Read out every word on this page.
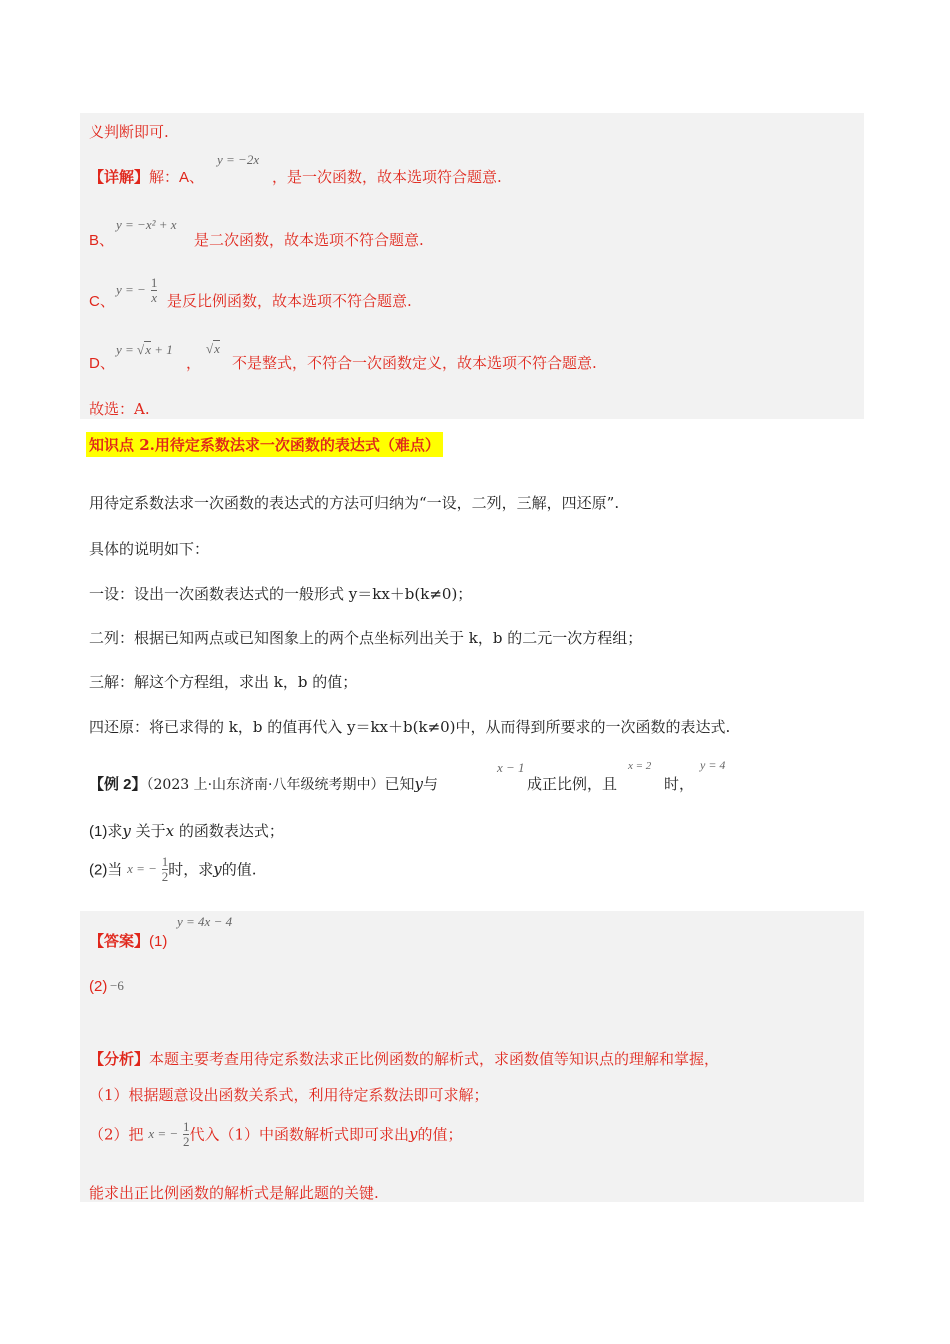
义判断即可.
【详解】解：A、
y = −2x
，是一次函数，故本选项符合题意.
B、
y = −x² + x
是二次函数，故本选项不符合题意.
C、
y = − $\frac{1}{x}$ 是反比例函数，故本选项不符合题意.
D、
y = √x + 1
，
√x
不是整式，不符合一次函数定义，故本选项不符合题意.
故选：A.
知识点 2.用待定系数法求一次函数的表达式（难点）
用待定系数法求一次函数的表达式的方法可归纳为“一设，二列，三解，四还原”.
具体的说明如下：
一设：设出一次函数表达式的一般形式 y＝kx＋b(k≠0)；
二列：根据已知两点或已知图象上的两个点坐标列出关于 k，b 的二元一次方程组；
三解：解这个方程组，求出 k，b 的值；
四还原：将已求得的 k，b 的值再代入 y＝kx＋b(k≠0)中，从而得到所要求的一次函数的表达式.
【例 2】（2023 上·山东济南·八年级统考期中）已知y与
x − 1
成正比例，且
x = 2
时，
y = 4
(1)求y 关于x 的函数表达式；
(2)当 x = − $\frac{1}{2}$ 时，求y的值.
【答案】(1)
y = 4x − 4
(2) −6
【分析】本题主要考查用待定系数法求正比例函数的解析式，求函数值等知识点的理解和掌握，
（1）根据题意设出函数关系式，利用待定系数法即可求解；
（2）把 x = − $\frac{1}{2}$ 代入（1）中函数解析式即可求出y的值；
能求出正比例函数的解析式是解此题的关键.
